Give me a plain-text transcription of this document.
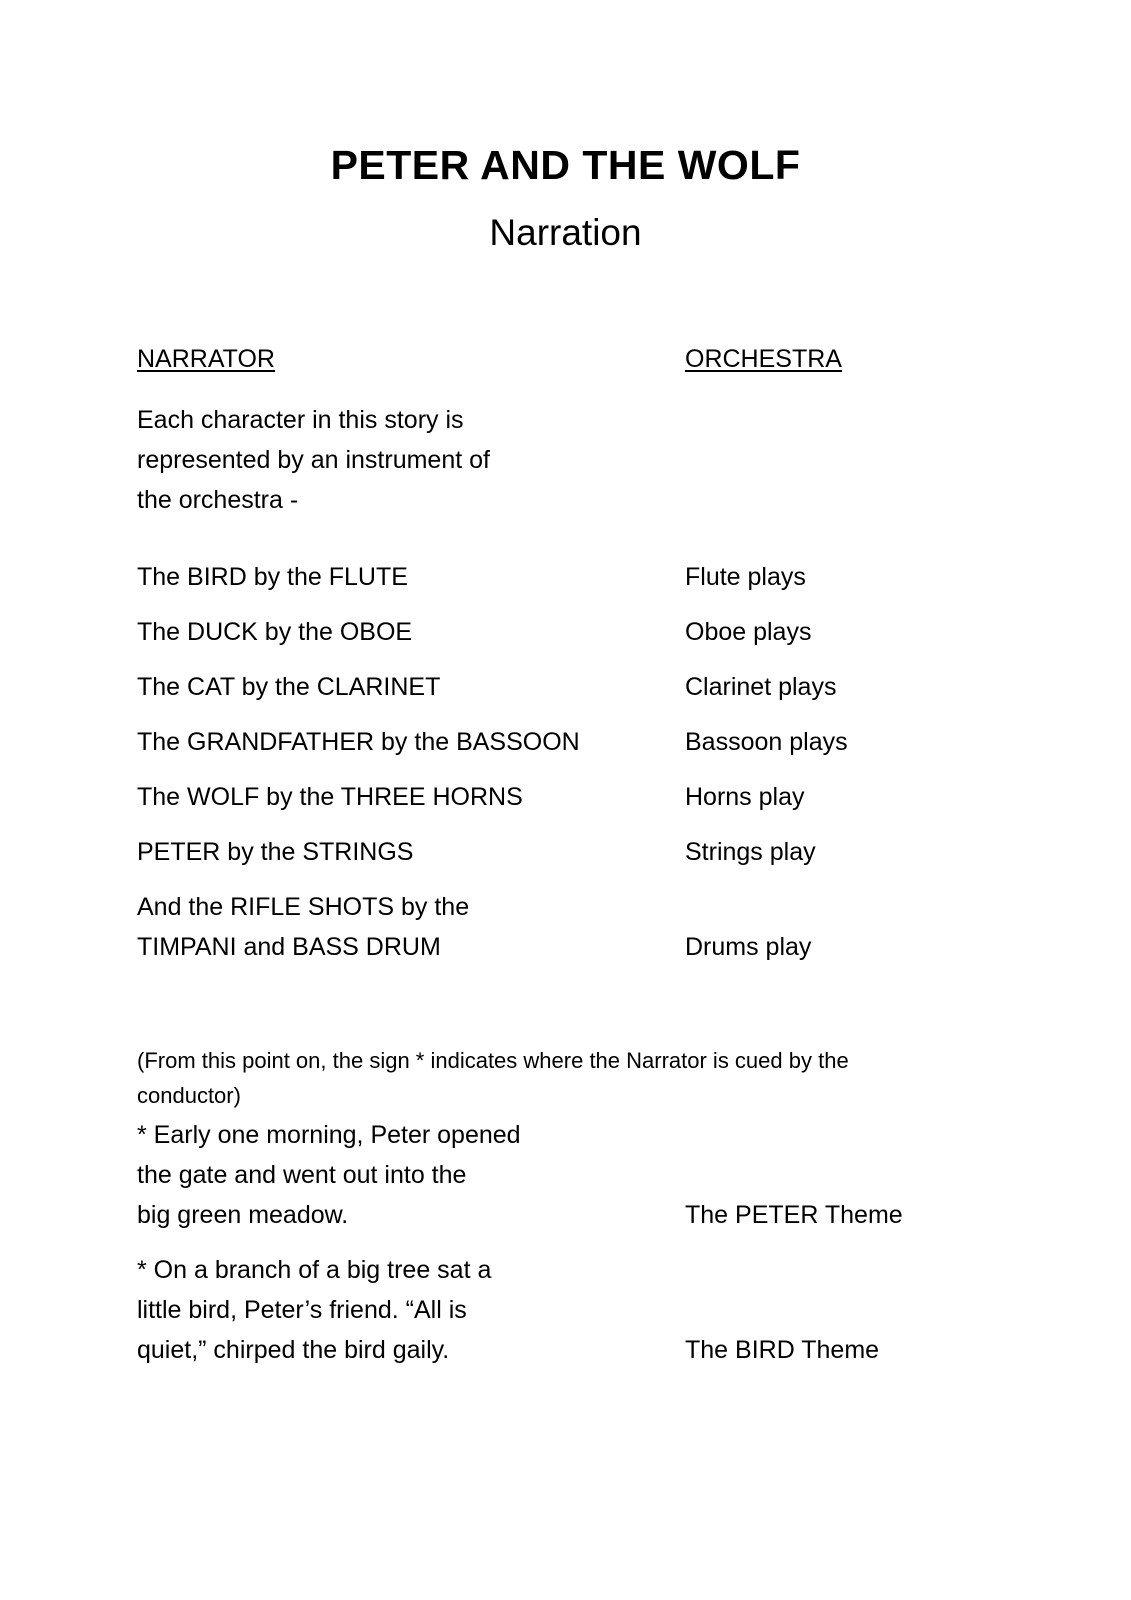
PETER AND THE WOLF
Narration
NARRATOR	ORCHESTRA
Each character in this story is
represented by an instrument of
the orchestra -
The BIRD by the FLUTE	Flute plays
The DUCK by the OBOE	Oboe plays
The CAT by the CLARINET	Clarinet plays
The GRANDFATHER by the BASSOON	Bassoon plays
The WOLF by the THREE HORNS	Horns play
PETER by the STRINGS	Strings play
And the RIFLE SHOTS by the
TIMPANI and BASS DRUM	Drums play
(From this point on, the sign * indicates where the Narrator is cued by the
conductor)
* Early one morning, Peter opened
the gate and went out into the
big green meadow.	The PETER Theme
* On a branch of a big tree sat a
little bird, Peter’s friend. “All is
quiet,” chirped the bird gaily.	The BIRD Theme
